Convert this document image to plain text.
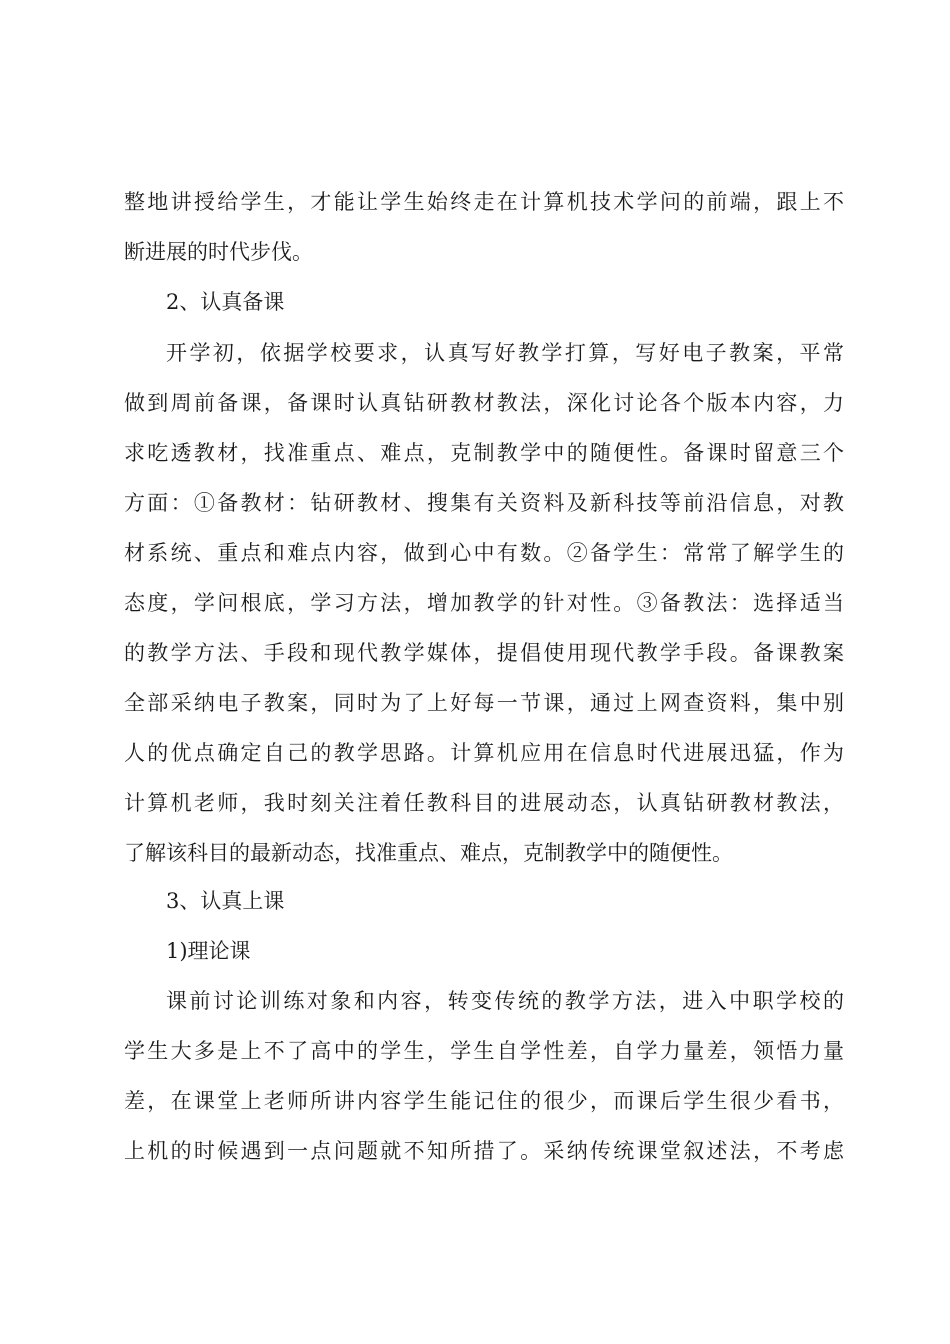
整地讲授给学生，才能让学生始终走在计算机技术学问的前端，跟上不
断进展的时代步伐。
2、认真备课
开学初，依据学校要求，认真写好教学打算，写好电子教案，平常
做到周前备课，备课时认真钻研教材教法，深化讨论各个版本内容，力
求吃透教材，找准重点、难点，克制教学中的随便性。备课时留意三个
方面：①备教材：钻研教材、搜集有关资料及新科技等前沿信息，对教
材系统、重点和难点内容，做到心中有数。②备学生：常常了解学生的
态度，学问根底，学习方法，增加教学的针对性。③备教法：选择适当
的教学方法、手段和现代教学媒体，提倡使用现代教学手段。备课教案
全部采纳电子教案，同时为了上好每一节课，通过上网查资料，集中别
人的优点确定自己的教学思路。计算机应用在信息时代进展迅猛，作为
计算机老师，我时刻关注着任教科目的进展动态，认真钻研教材教法，
了解该科目的最新动态，找准重点、难点，克制教学中的随便性。
3、认真上课
1)理论课
课前讨论训练对象和内容，转变传统的教学方法，进入中职学校的
学生大多是上不了高中的学生，学生自学性差，自学力量差，领悟力量
差，在课堂上老师所讲内容学生能记住的很少，而课后学生很少看书，
上机的时候遇到一点问题就不知所措了。采纳传统课堂叙述法，不考虑
